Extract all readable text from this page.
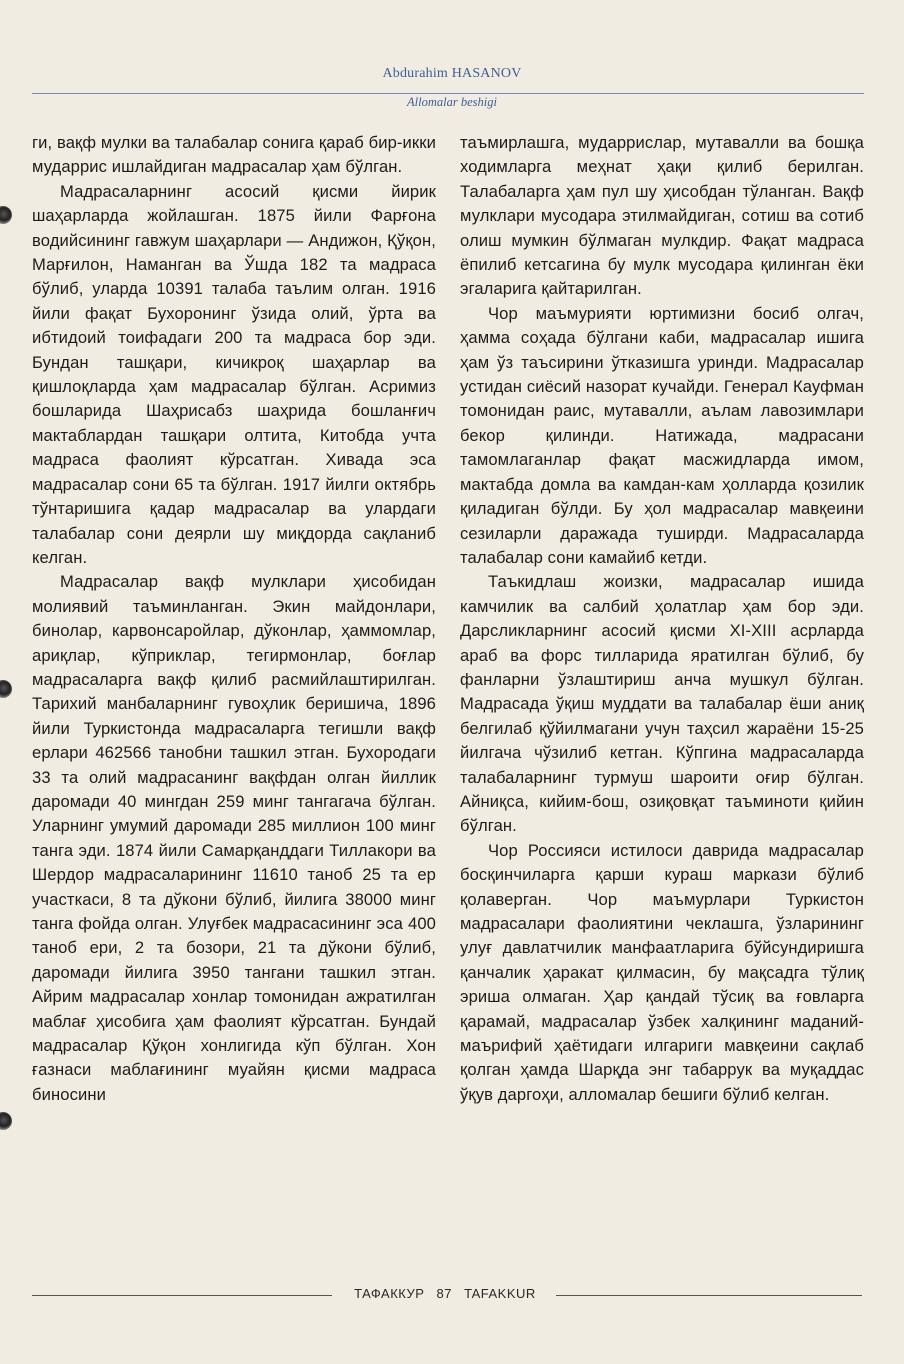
Abdurahim HASANOV
Allomalar beshigi

ги, вақф мулки ва талабалар сонига қараб бир-икки мударрис ишлайдиган мадрасалар ҳам бўлган.

Мадрасаларнинг асосий қисми йирик шаҳарларда жойлашган. 1875 йили Фарғона водийсининг гавжум шаҳарлари — Андижон, Қўқон, Марғилон, Наманган ва Ўшда 182 та мадраса бўлиб, уларда 10391 талаба таълим олган. 1916 йили фақат Бухоронинг ўзида олий, ўрта ва ибтидоий тоифадаги 200 та мадраса бор эди. Бундан ташқари, кичикроқ шаҳарлар ва қишлоқларда ҳам мадрасалар бўлган. Асримиз бошларида Шаҳрисабз шаҳрида бошланғич мактаблардан ташқари олтита, Китобда учта мадраса фаолият кўрсатган. Хивада эса мадрасалар сони 65 та бўлган. 1917 йилги октябрь тўнтаришига қадар мадрасалар ва улардаги талабалар сони деярли шу миқдорда сақланиб келган.

Мадрасалар вақф мулклари ҳисобидан молиявий таъминланган. Экин майдонлари, бинолар, карвонсаройлар, дўконлар, ҳаммомлар, ариқлар, кўприклар, тегирмонлар, боғлар мадрасаларга вақф қилиб расмийлаштирилган. Тарихий манбаларнинг гувоҳлик беришича, 1896 йили Туркистонда мадрасаларга тегишли вақф ерлари 462566 танобни ташкил этган. Бухородаги 33 та олий мадрасанинг вақфдан олган йиллик даромади 40 мингдан 259 минг тангагача бўлган. Уларнинг умумий даромади 285 миллион 100 минг танга эди. 1874 йили Самарқанддаги Тиллакори ва Шердор мадрасаларининг 11610 таноб 25 та ер участкаси, 8 та дўкони бўлиб, йилига 38000 минг танга фойда олган. Улуғбек мадрасасининг эса 400 таноб ери, 2 та бозори, 21 та дўкони бўлиб, даромади йилига 3950 тангани ташкил этган. Айрим мадрасалар хонлар томонидан ажратилган маблағ ҳисобига ҳам фаолият кўрсатган. Бундай мадрасалар Қўқон хонлигида кўп бўлган. Хон ғазнаси маблағининг муайян қисми мадраса биносини

таъмирлашга, мударрислар, мутавалли ва бошқа ходимларга меҳнат ҳақи қилиб берилган. Талабаларга ҳам пул шу ҳисобдан тўланган. Вақф мулклари мусодара этилмайдиган, сотиш ва сотиб олиш мумкин бўлмаган мулкдир. Фақат мадраса ёпилиб кетсагина бу мулк мусодара қилинган ёки эгаларига қайтарилган.

Чор маъмурияти юртимизни босиб олгач, ҳамма соҳада бўлгани каби, мадрасалар ишига ҳам ўз таъсирини ўтказишга уринди. Мадрасалар устидан сиёсий назорат кучайди. Генерал Кауфман томонидан раис, мутавалли, аълам лавозимлари бекор қилинди. Натижада, мадрасани тамомлаганлар фақат масжидларда имом, мактабда домла ва камдан-кам ҳолларда қозилик қиладиган бўлди. Бу ҳол мадрасалар мавқеини сезиларли даражада туширди. Мадрасаларда талабалар сони камайиб кетди.

Таъкидлаш жоизки, мадрасалар ишида камчилик ва салбий ҳолатлар ҳам бор эди. Дарсликларнинг асосий қисми XI-XIII асрларда араб ва форс тилларида яратилган бўлиб, бу фанларни ўзлаштириш анча мушкул бўлган. Мадрасада ўқиш муддати ва талабалар ёши аниқ белгилаб қўйилмагани учун таҳсил жараёни 15-25 йилгача чўзилиб кетган. Кўпгина мадрасаларда талабаларнинг турмуш шароити оғир бўлган. Айниқса, кийим-бош, озиқовқат таъминоти қийин бўлган.

Чор Россияси истилоси даврида мадрасалар босқинчиларга қарши кураш маркази бўлиб қолаверган. Чор маъмурлари Туркистон мадрасалари фаолиятини чеклашга, ўзларининг улуғ давлатчилик манфаатларига бўйсундиришга қанчалик ҳаракат қилмасин, бу мақсадга тўлиқ эриша олмаган. Ҳар қандай тўсиқ ва ғовларга қарамай, мадрасалар ўзбек халқининг маданий-маърифий ҳаётидаги илгариги мавқеини сақлаб қолган ҳамда Шарқда энг табаррук ва муқаддас ўқув даргоҳи, алломалар бешиги бўлиб келган.

ТАФАККУР 87 TAFAKKUR
